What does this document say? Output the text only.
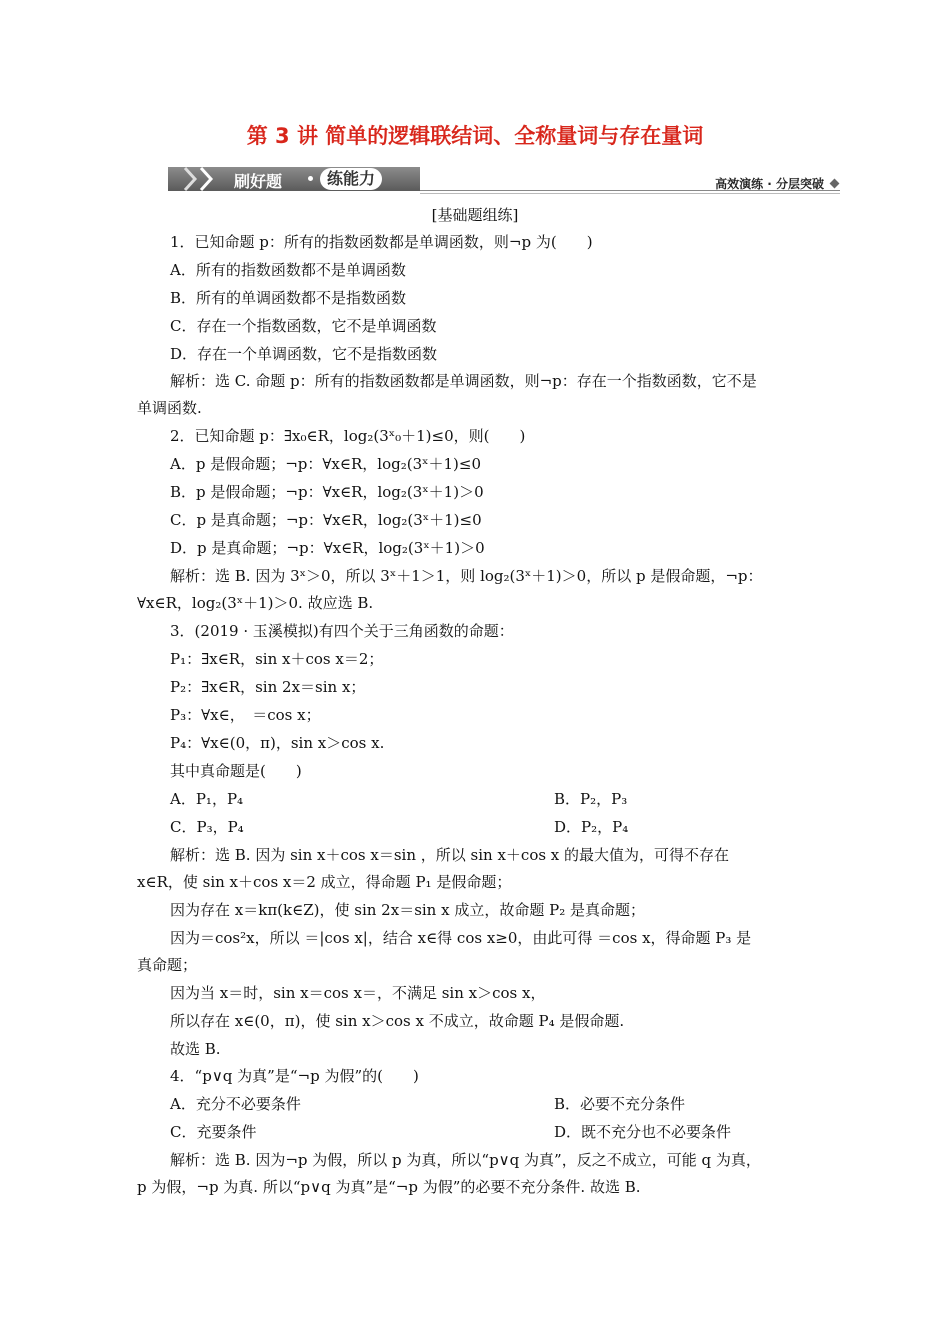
第 3 讲 简单的逻辑联结词、全称量词与存在量词
刷好题	练能力	高效演练 · 分层突破
[基础题组练]
1．已知命题 p：所有的指数函数都是单调函数，则¬p 为(　　)
A．所有的指数函数都不是单调函数
B．所有的单调函数都不是指数函数
C．存在一个指数函数，它不是单调函数
D．存在一个单调函数，它不是指数函数
解析：选 C. 命题 p：所有的指数函数都是单调函数，则¬p：存在一个指数函数，它不是
单调函数.
2．已知命题 p：∃x₀∈R，log₂(3ˣ₀＋1)≤0，则(　　)
A．p 是假命题；¬p：∀x∈R，log₂(3ˣ＋1)≤0
B．p 是假命题；¬p：∀x∈R，log₂(3ˣ＋1)＞0
C．p 是真命题；¬p：∀x∈R，log₂(3ˣ＋1)≤0
D．p 是真命题；¬p：∀x∈R，log₂(3ˣ＋1)＞0
解析：选 B. 因为 3ˣ＞0，所以 3ˣ＋1＞1，则 log₂(3ˣ＋1)＞0，所以 p 是假命题，¬p：
∀x∈R，log₂(3ˣ＋1)＞0. 故应选 B.
3．(2019 · 玉溪模拟)有四个关于三角函数的命题：
P₁：∃x∈R，sin x＋cos x＝2；
P₂：∃x∈R，sin 2x＝sin x；
P₃：∀x∈，　＝cos x；
P₄：∀x∈(0，π)，sin x＞cos x.
其中真命题是(　　)
A．P₁，P₄	B．P₂，P₃
C．P₃，P₄	D．P₂，P₄
解析：选 B. 因为 sin x＋cos x＝sin ，所以 sin x＋cos x 的最大值为，可得不存在
x∈R，使 sin x＋cos x＝2 成立，得命题 P₁ 是假命题；
因为存在 x＝kπ(k∈Z)，使 sin 2x＝sin x 成立，故命题 P₂ 是真命题；
因为＝cos²x，所以 ＝|cos x|，结合 x∈得 cos x≥0，由此可得 ＝cos x，得命题 P₃ 是
真命题；
因为当 x＝时，sin x＝cos x＝，不满足 sin x＞cos x，
所以存在 x∈(0，π)，使 sin x＞cos x 不成立，故命题 P₄ 是假命题.
故选 B.
4．“p∨q 为真”是“¬p 为假”的(　　)
A．充分不必要条件	B．必要不充分条件
C．充要条件	D．既不充分也不必要条件
解析：选 B. 因为¬p 为假，所以 p 为真，所以“p∨q 为真”，反之不成立，可能 q 为真，
p 为假，¬p 为真. 所以“p∨q 为真”是“¬p 为假”的必要不充分条件. 故选 B.
